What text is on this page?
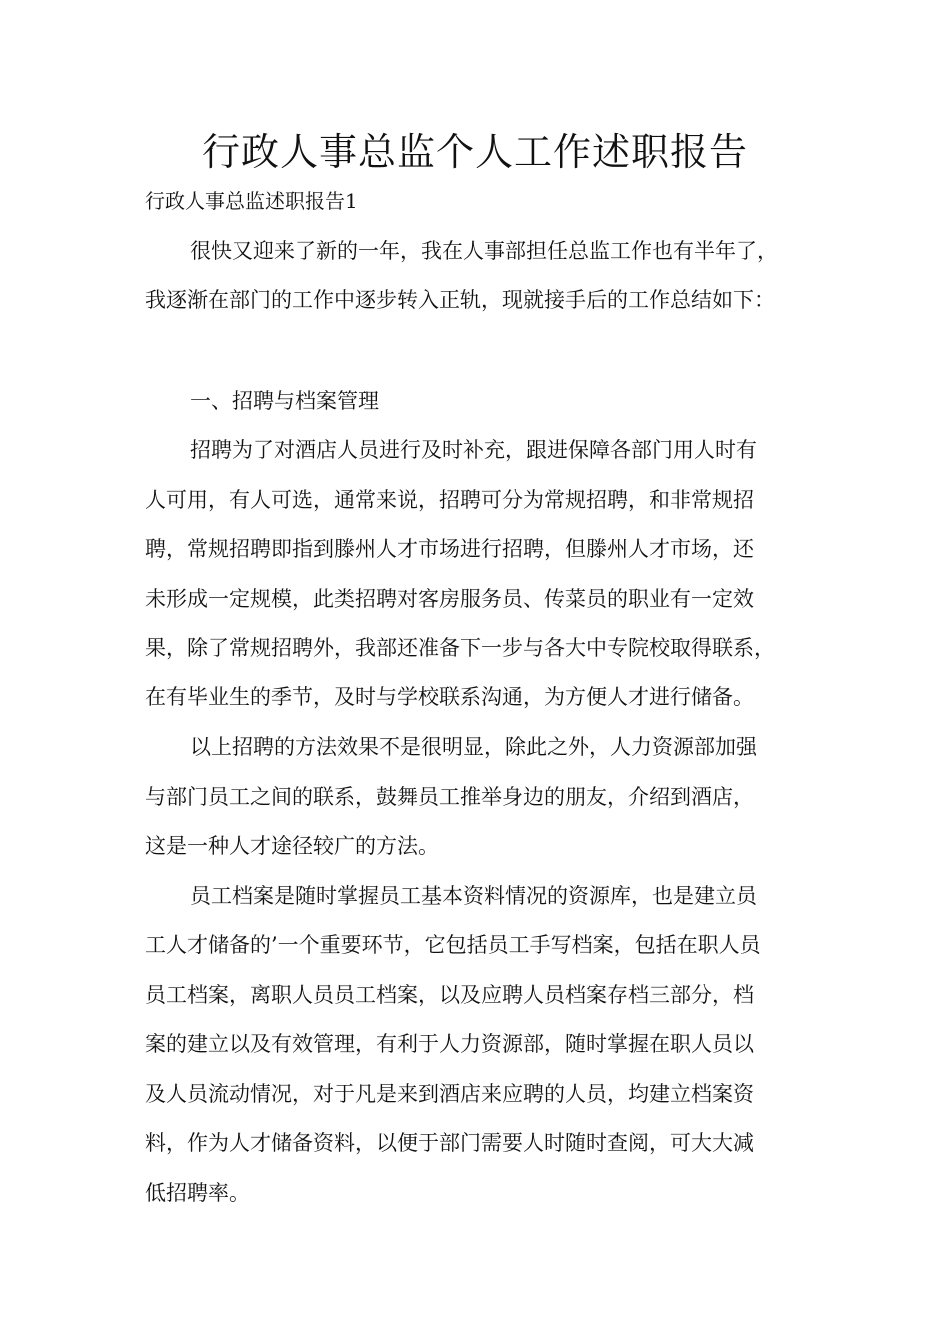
行政人事总监个人工作述职报告

行政人事总监述职报告1

很快又迎来了新的一年，我在人事部担任总监工作也有半年了，

我逐渐在部门的工作中逐步转入正轨，现就接手后的工作总结如下：

一、招聘与档案管理

招聘为了对酒店人员进行及时补充，跟进保障各部门用人时有

人可用，有人可选，通常来说，招聘可分为常规招聘，和非常规招

聘，常规招聘即指到滕州人才市场进行招聘，但滕州人才市场，还

未形成一定规模，此类招聘对客房服务员、传菜员的职业有一定效

果，除了常规招聘外，我部还准备下一步与各大中专院校取得联系，

在有毕业生的季节，及时与学校联系沟通，为方便人才进行储备。

以上招聘的方法效果不是很明显，除此之外，人力资源部加强

与部门员工之间的联系，鼓舞员工推举身边的朋友，介绍到酒店，

这是一种人才途径较广的方法。

员工档案是随时掌握员工基本资料情况的资源库，也是建立员

工人才储备的’一个重要环节，它包括员工手写档案，包括在职人员

员工档案，离职人员员工档案，以及应聘人员档案存档三部分，档

案的建立以及有效管理，有利于人力资源部，随时掌握在职人员以

及人员流动情况，对于凡是来到酒店来应聘的人员，均建立档案资

料，作为人才储备资料，以便于部门需要人时随时查阅，可大大减

低招聘率。
